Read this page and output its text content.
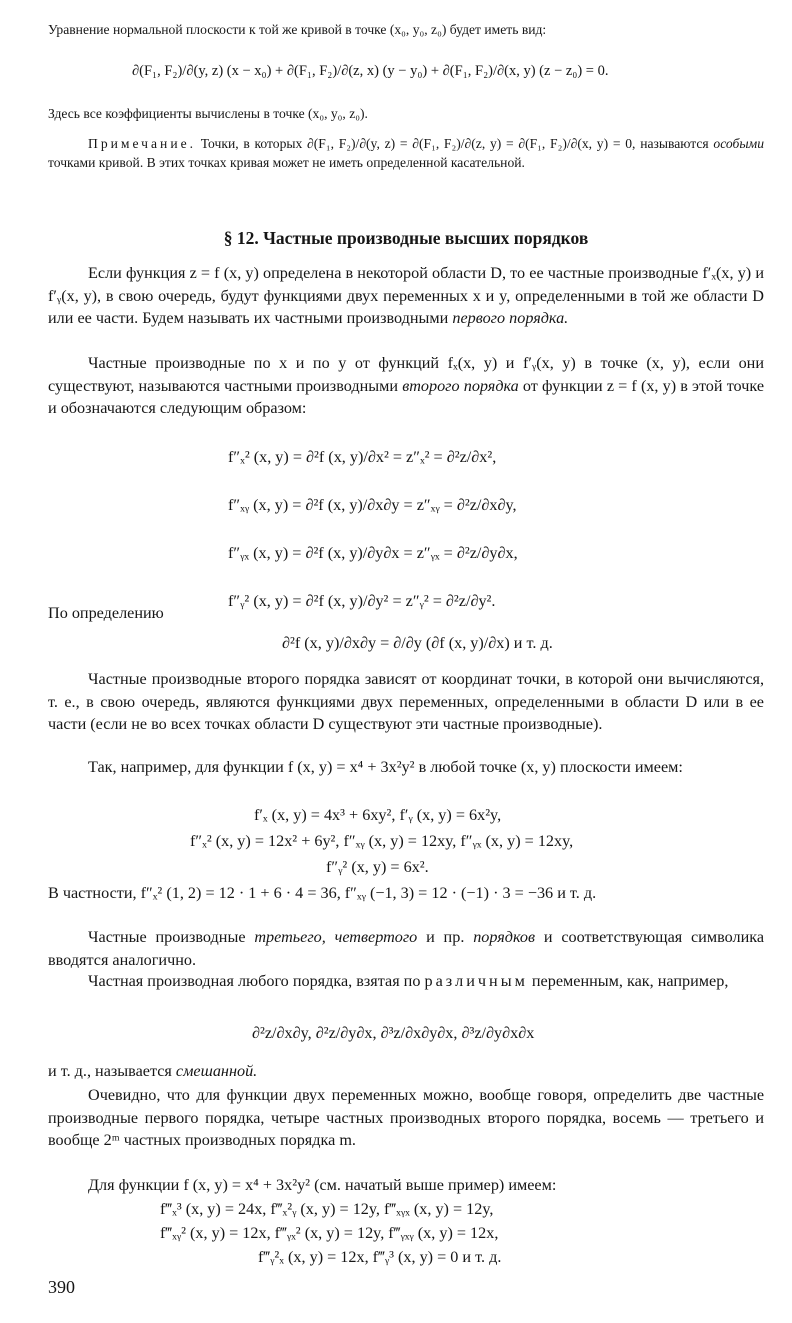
Уравнение нормальной плоскости к той же кривой в точке (x₀, y₀, z₀) будет иметь вид:

∂(F₁, F₂)/∂(y, z) (x − x₀) + ∂(F₁, F₂)/∂(z, x) (y − y₀) + ∂(F₁, F₂)/∂(x, y) (z − z₀) = 0.

Здесь все коэффициенты вычислены в точке (x₀, y₀, z₀).

Примечание. Точки, в которых ∂(F₁, F₂)/∂(y, z) = ∂(F₁, F₂)/∂(z, y) = ∂(F₁, F₂)/∂(x, y) = 0, называются особыми точками кривой. В этих точках кривая может не иметь определенной касательной.

§ 12. Частные производные высших порядков

Если функция z = f (x, y) определена в некоторой области D, то ее частные производные f′ₓ(x, y) и f′ᵧ(x, y), в свою очередь, будут функциями двух переменных x и y, определенными в той же области D или ее части. Будем называть их частными производными первого порядка.

Частные производные по x и по y от функций fₓ(x, y) и f′ᵧ(x, y) в точке (x, y), если они существуют, называются частными производными второго порядка от функции z = f (x, y) в этой точке и обозначаются следующим образом:

f″ₓ² (x, y) = ∂²f (x, y)/∂x² = z″ₓ² = ∂²z/∂x²,
f″ₓᵧ (x, y) = ∂²f (x, y)/∂x∂y = z″ₓᵧ = ∂²z/∂x∂y,
f″ᵧₓ (x, y) = ∂²f (x, y)/∂y∂x = z″ᵧₓ = ∂²z/∂y∂x,
f″ᵧ² (x, y) = ∂²f (x, y)/∂y² = z″ᵧ² = ∂²z/∂y².

По определению

∂²f (x, y)/∂x∂y = ∂/∂y (∂f (x, y)/∂x) и т. д.

Частные производные второго порядка зависят от координат точки, в которой они вычисляются, т. е., в свою очередь, являются функциями двух переменных, определенными в области D или в ее части (если не во всех точках области D существуют эти частные производные).

Так, например, для функции f (x, y) = x⁴ + 3x²y² в любой точке (x, y) плоскости имеем:

f′ₓ (x, y) = 4x³ + 6xy², f′ᵧ (x, y) = 6x²y,
f″ₓ² (x, y) = 12x² + 6y², f″ₓᵧ (x, y) = 12xy, f″ᵧₓ (x, y) = 12xy,
f″ᵧ² (x, y) = 6x².

В частности, f″ₓ² (1, 2) = 12 · 1 + 6 · 4 = 36, f″ₓᵧ (−1, 3) = 12 · (−1) · 3 = −36 и т. д.

Частные производные третьего, четвертого и пр. порядков и соответствующая символика вводятся аналогично.

Частная производная любого порядка, взятая по различным переменным, как, например,

∂²z/∂x∂y, ∂²z/∂y∂x, ∂³z/∂x∂y∂x, ∂³z/∂y∂x∂x

и т. д., называется смешанной.

Очевидно, что для функции двух переменных можно, вообще говоря, определить две частные производные первого порядка, четыре частных производных второго порядка, восемь — третьего и вообще 2ᵐ частных производных порядка m.

Для функции f (x, y) = x⁴ + 3x²y² (см. начатый выше пример) имеем:

f‴ₓ³ (x, y) = 24x, f‴ₓ²ᵧ (x, y) = 12y, f‴ₓᵧₓ (x, y) = 12y,
f‴ₓᵧ² (x, y) = 12x, f‴ᵧₓ² (x, y) = 12y, f‴ᵧₓᵧ (x, y) = 12x,
f‴ᵧ²ₓ (x, y) = 12x, f‴ᵧ³ (x, y) = 0 и т. д.
390
